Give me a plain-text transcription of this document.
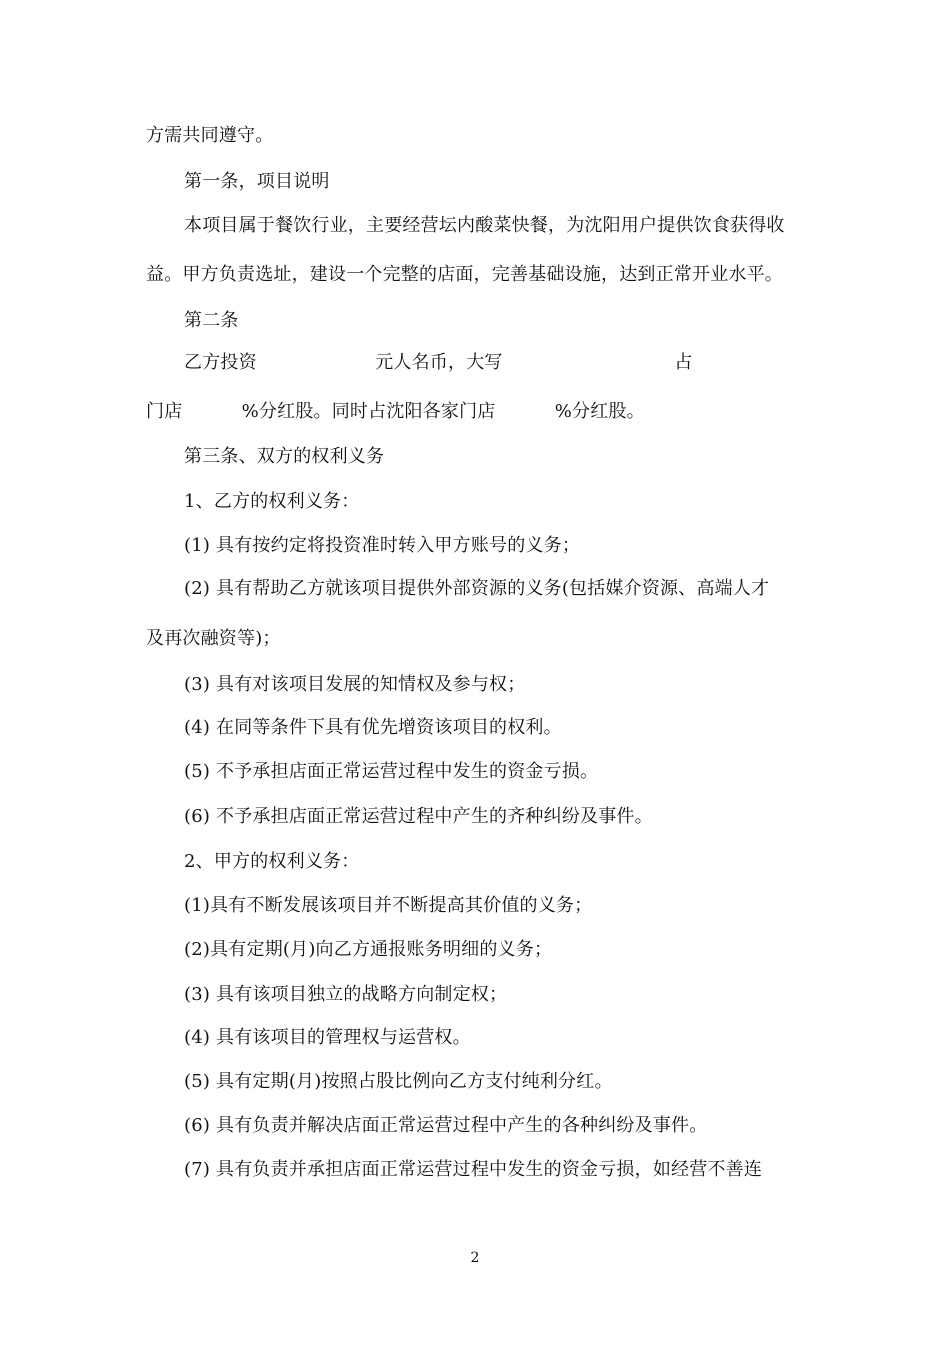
方需共同遵守。
第一条，项目说明
本项目属于餐饮行业，主要经营坛内酸菜快餐，为沈阳用户提供饮食获得收
益。甲方负责选址，建设一个完整的店面，完善基础设施，达到正常开业水平。
第二条
乙方投资                    元人名币，大写                             占
门店          %分红股。同时占沈阳各家门店          %分红股。
第三条、双方的权利义务
1、乙方的权利义务：
(1) 具有按约定将投资准时转入甲方账号的义务；
(2) 具有帮助乙方就该项目提供外部资源的义务(包括媒介资源、高端人才
及再次融资等)；
(3) 具有对该项目发展的知情权及参与权；
(4) 在同等条件下具有优先增资该项目的权利。
(5) 不予承担店面正常运营过程中发生的资金亏损。
(6) 不予承担店面正常运营过程中产生的齐种纠纷及事件。
2、甲方的权利义务：
(1)具有不断发展该项目并不断提高其价值的义务；
(2)具有定期(月)向乙方通报账务明细的义务；
(3) 具有该项目独立的战略方向制定权；
(4) 具有该项目的管理权与运营权。
(5) 具有定期(月)按照占股比例向乙方支付纯利分红。
(6) 具有负责并解决店面正常运营过程中产生的各种纠纷及事件。
(7) 具有负责并承担店面正常运营过程中发生的资金亏损，如经营不善连
2
